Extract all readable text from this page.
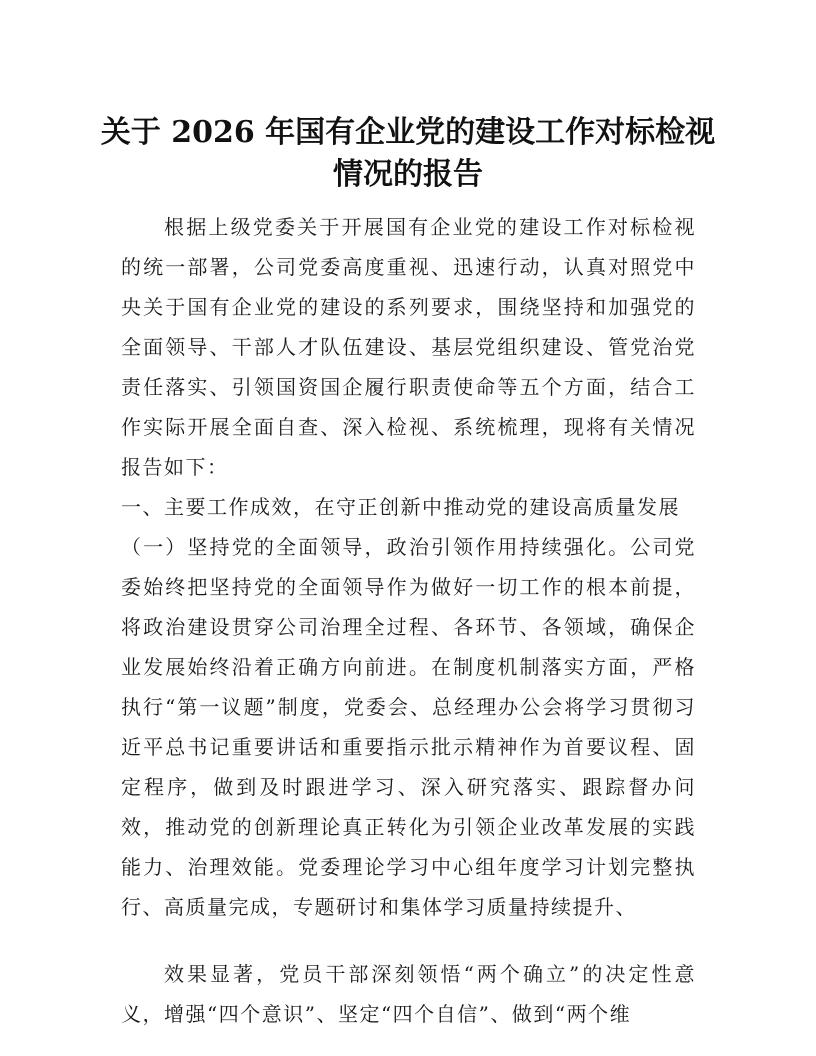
关于 2026 年国有企业党的建设工作对标检视
情况的报告

根据上级党委关于开展国有企业党的建设工作对标检视的统一部署，公司党委高度重视、迅速行动，认真对照党中央关于国有企业党的建设的系列要求，围绕坚持和加强党的全面领导、干部人才队伍建设、基层党组织建设、管党治党责任落实、引领国资国企履行职责使命等五个方面，结合工作实际开展全面自查、深入检视、系统梳理，现将有关情况报告如下：

一、主要工作成效，在守正创新中推动党的建设高质量发展

（一）坚持党的全面领导，政治引领作用持续强化。公司党委始终把坚持党的全面领导作为做好一切工作的根本前提，将政治建设贯穿公司治理全过程、各环节、各领域，确保企业发展始终沿着正确方向前进。在制度机制落实方面，严格执行“第一议题”制度，党委会、总经理办公会将学习贯彻习近平总书记重要讲话和重要指示批示精神作为首要议程、固定程序，做到及时跟进学习、深入研究落实、跟踪督办问效，推动党的创新理论真正转化为引领企业改革发展的实践能力、治理效能。党委理论学习中心组年度学习计划完整执行、高质量完成，专题研讨和集体学习质量持续提升、

效果显著，党员干部深刻领悟“两个确立”的决定性意义，增强“四个意识”、坚定“四个自信”、做到“两个维
